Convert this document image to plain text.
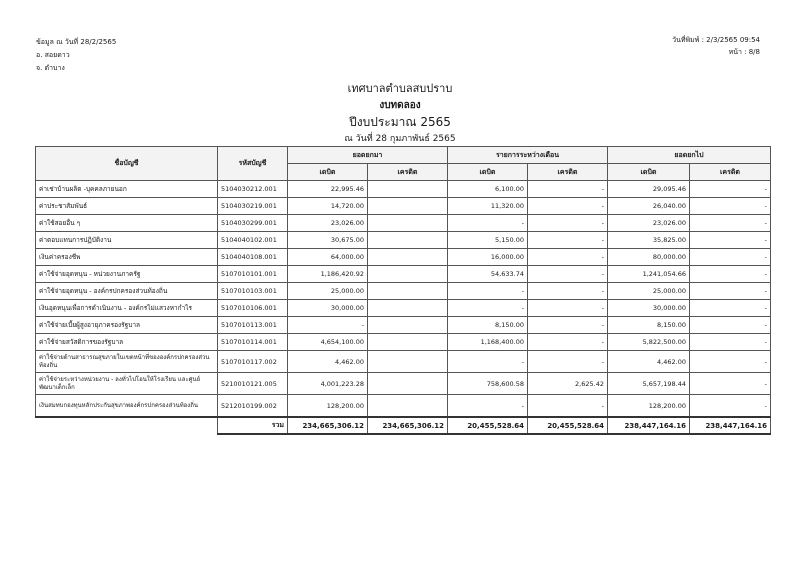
ข้อมูล ณ วันที่ 28/2/2565
อ. สอยดาว
จ. ตำบาง
วันที่พิมพ์ : 2/3/2565 09:54
หน้า : 8/8
เทศบาลตำบลสบปราบ
งบทดลอง
ปีงบประมาณ 2565
ณ วันที่ 28 กุมภาพันธ์ 2565
ชื่อบัญชี	รหัสบัญชี	ยอดยกมา		รายการระหว่างเดือน		ยอดยกไป	
		เดบิต	เครดิต	เดบิต	เครดิต	เดบิต	เครดิต
ค่าเช่าบ้านผลิต -บุคคลภายนอก	5104030212.001	22,995.46		6,100.00	-	29,095.46	-
ค่าประชาสัมพันธ์	5104030219.001	14,720.00		11,320.00	-	26,040.00	-
ค่าใช้สอยอื่น ๆ	5104030299.001	23,026.00		-	-	23,026.00	-
ค่าตอบแทนการปฏิบัติงาน	5104040102.001	30,675.00		5,150.00	-	35,825.00	-
เงินค่าครองชีพ	5104040108.001	64,000.00		16,000.00	-	80,000.00	-
ค่าใช้จ่ายอุดหนุน - หน่วยงานภาครัฐ	5107010101.001	1,186,420.92		54,633.74	-	1,241,054.66	-
ค่าใช้จ่ายอุดหนุน - องค์กรปกครองส่วนท้องถิ่น	5107010103.001	25,000.00		-	-	25,000.00	-
เงินอุดหนุนเพื่อการดำเนินงาน - องค์กรไม่แสวงหากำไร	5107010106.001	30,000.00		-	-	30,000.00	-
ค่าใช้จ่ายเบี้ยผู้สูงอายุภาครองรัฐบาล	5107010113.001	-		8,150.00	-	8,150.00	-
ค่าใช้จ่ายสวัสดิการของรัฐบาล	5107010114.001	4,654,100.00		1,168,400.00	-	5,822,500.00	-
ค่าใช้จ่ายด้านสาธารณสุขภายในเขตหน้าที่ขององค์กรปกครองส่วนท้องถิ่น	5107010117.002	4,462.00		-	-	4,462.00	-
ค่าใช้จ่ายระหว่างหน่วยงาน - ลงทั่วไปโอนให้โรงเรียน และศูนย์พัฒนาเด็กเล็ก	5210010121.005	4,001,223.28		758,600.58	2,625.42	5,657,198.44	-
เงินสมทบกองทุนหลักประกันสุขภาพองค์กรปกครองส่วนท้องถิ่น	5212010199.002	128,200.00		-	-	128,200.00	-
	รวม	234,665,306.12	234,665,306.12	20,455,528.64	20,455,528.64	238,447,164.16	238,447,164.16
